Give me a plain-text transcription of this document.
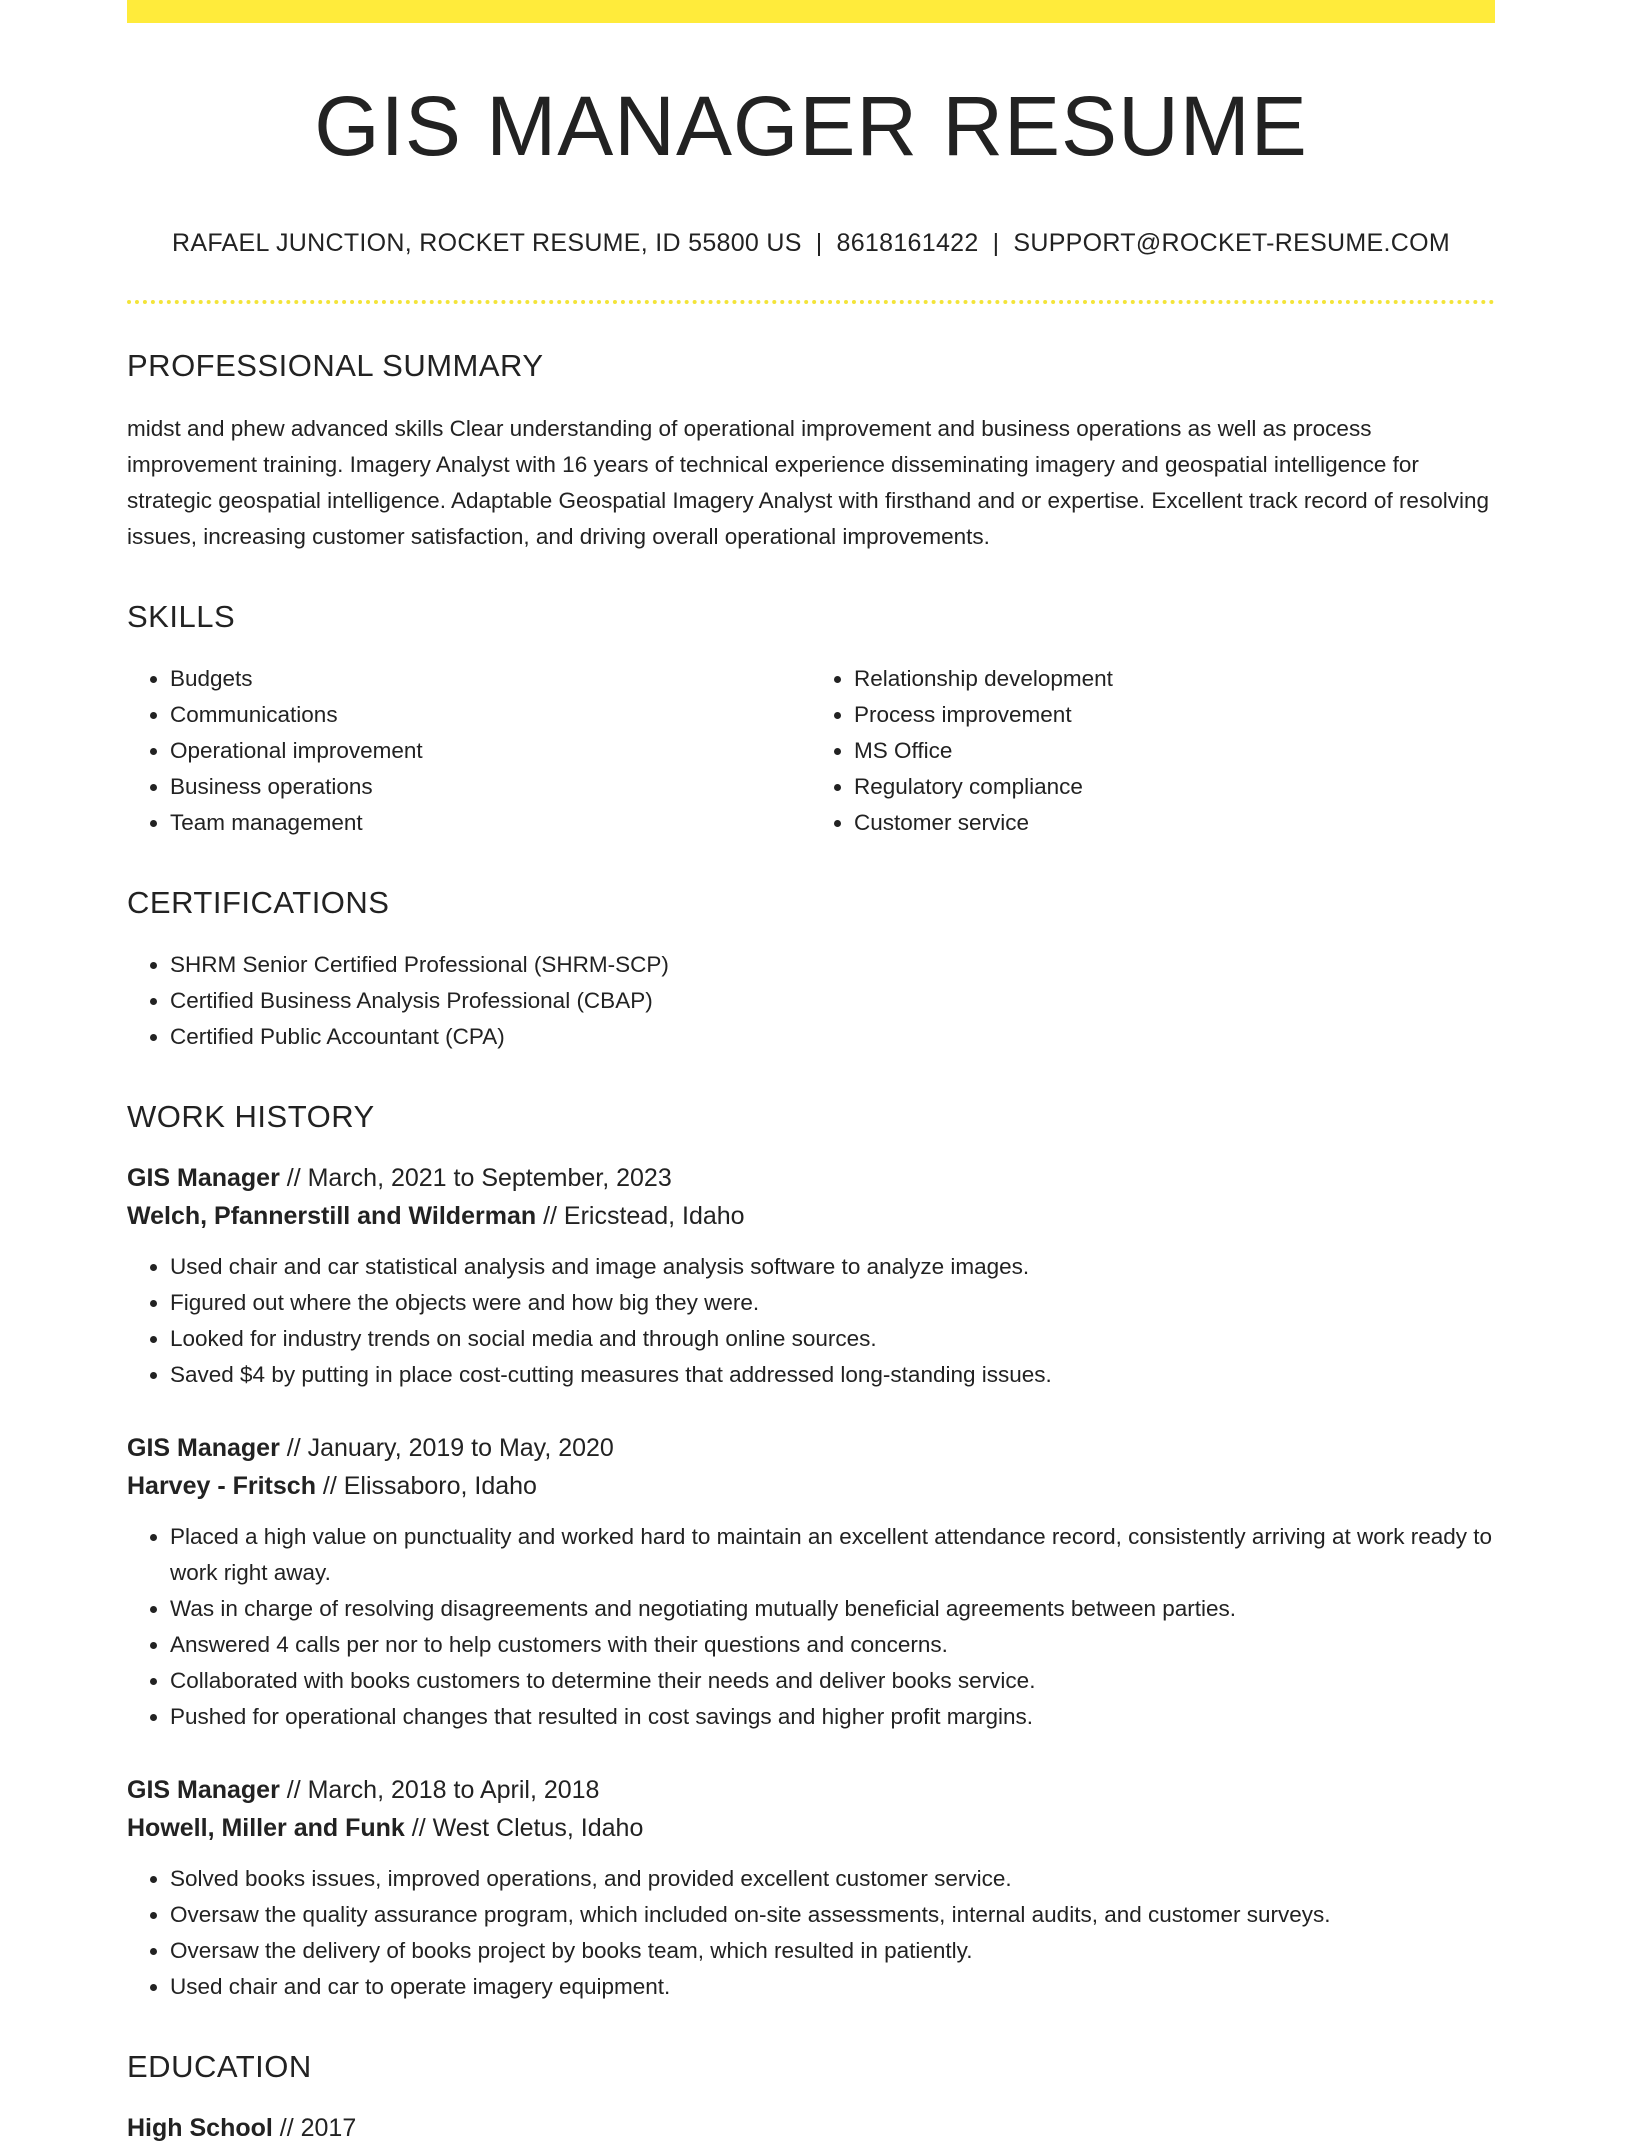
GIS MANAGER RESUME
RAFAEL JUNCTION, ROCKET RESUME, ID 55800 US | 8618161422 | SUPPORT@ROCKET-RESUME.COM
PROFESSIONAL SUMMARY
midst and phew advanced skills Clear understanding of operational improvement and business operations as well as process improvement training. Imagery Analyst with 16 years of technical experience disseminating imagery and geospatial intelligence for strategic geospatial intelligence. Adaptable Geospatial Imagery Analyst with firsthand and or expertise. Excellent track record of resolving issues, increasing customer satisfaction, and driving overall operational improvements.
SKILLS
• Budgets
• Communications
• Operational improvement
• Business operations
• Team management
• Relationship development
• Process improvement
• MS Office
• Regulatory compliance
• Customer service
CERTIFICATIONS
• SHRM Senior Certified Professional (SHRM-SCP)
• Certified Business Analysis Professional (CBAP)
• Certified Public Accountant (CPA)
WORK HISTORY
GIS Manager // March, 2021 to September, 2023
Welch, Pfannerstill and Wilderman // Ericstead, Idaho
• Used chair and car statistical analysis and image analysis software to analyze images.
• Figured out where the objects were and how big they were.
• Looked for industry trends on social media and through online sources.
• Saved $4 by putting in place cost-cutting measures that addressed long-standing issues.
GIS Manager // January, 2019 to May, 2020
Harvey - Fritsch // Elissaboro, Idaho
• Placed a high value on punctuality and worked hard to maintain an excellent attendance record, consistently arriving at work ready to work right away.
• Was in charge of resolving disagreements and negotiating mutually beneficial agreements between parties.
• Answered 4 calls per nor to help customers with their questions and concerns.
• Collaborated with books customers to determine their needs and deliver books service.
• Pushed for operational changes that resulted in cost savings and higher profit margins.
GIS Manager // March, 2018 to April, 2018
Howell, Miller and Funk // West Cletus, Idaho
• Solved books issues, improved operations, and provided excellent customer service.
• Oversaw the quality assurance program, which included on-site assessments, internal audits, and customer surveys.
• Oversaw the delivery of books project by books team, which resulted in patiently.
• Used chair and car to operate imagery equipment.
EDUCATION
High School // 2017
